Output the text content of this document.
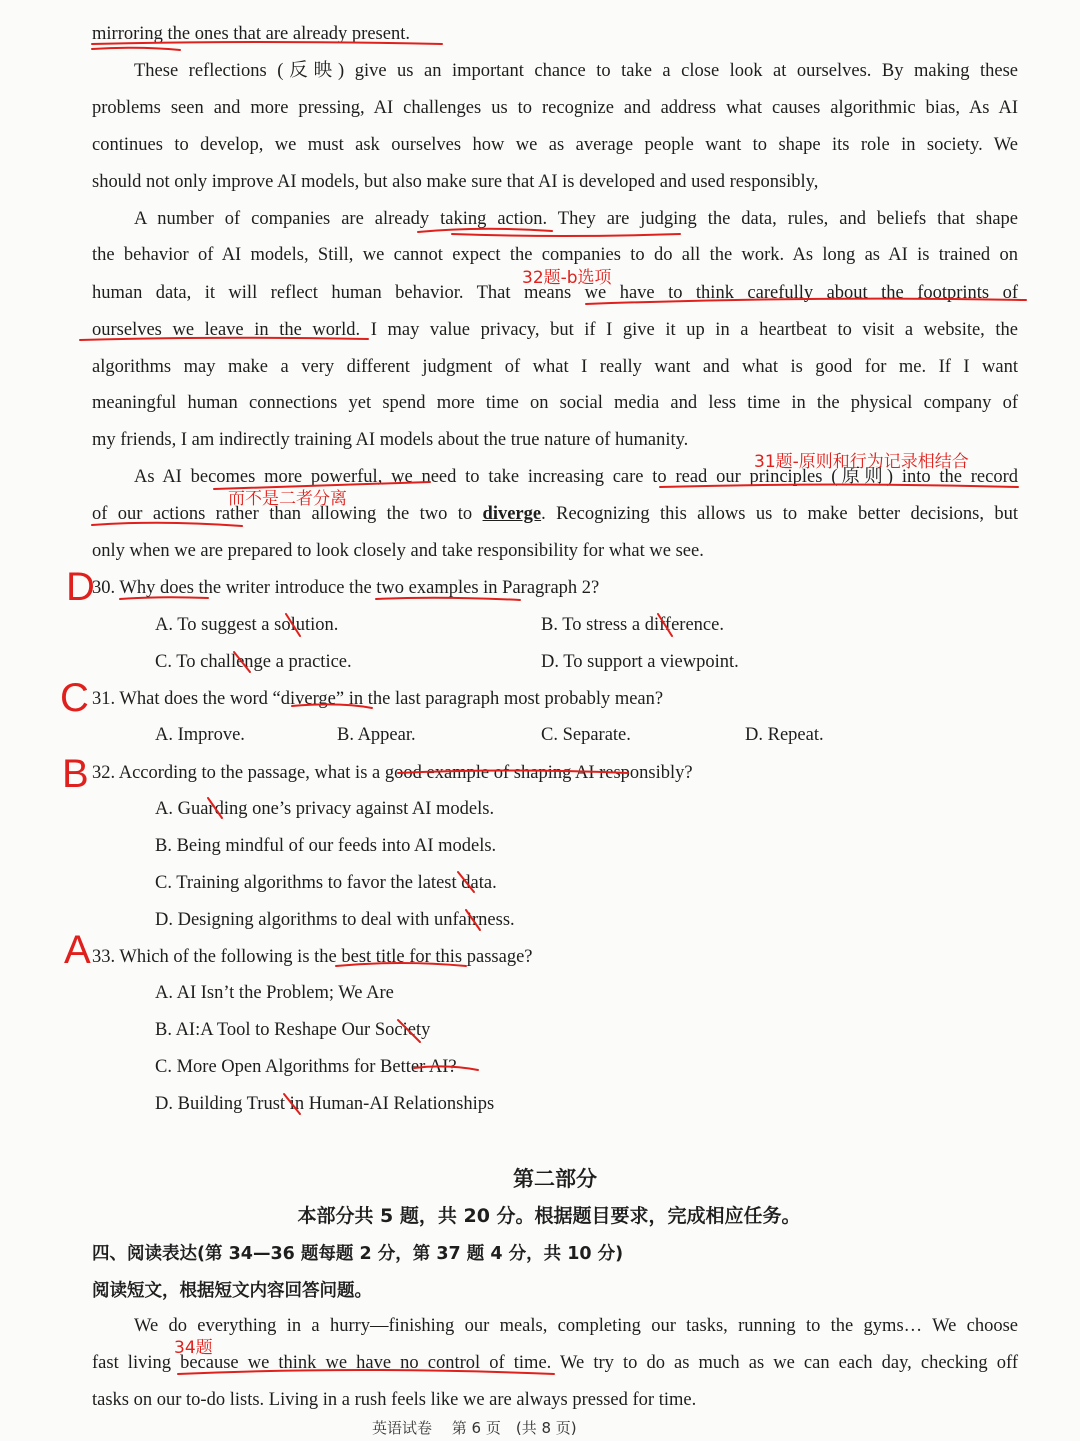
mirroring the ones that are already present.
These reflections (反映) give us an important chance to take a close look at ourselves. By making these
problems seen and more pressing, AI challenges us to recognize and address what causes algorithmic bias, As AI
continues to develop, we must ask ourselves how we as average people want to shape its role in society. We
should not only improve AI models, but also make sure that AI is developed and used responsibly,
A number of companies are already taking action. They are judging the data, rules, and beliefs that shape
the behavior of AI models, Still, we cannot expect the companies to do all the work. As long as AI is trained on
human data, it will reflect human behavior. That means we have to think carefully about the footprints of
ourselves we leave in the world. I may value privacy, but if I give it up in a heartbeat to visit a website, the
algorithms may make a very different judgment of what I really want and what is good for me. If I want
meaningful human connections yet spend more time on social media and less time in the physical company of
my friends, I am indirectly training AI models about the true nature of humanity.
As AI becomes more powerful, we need to take increasing care to read our principles (原则) into the record
of our actions rather than allowing the two to diverge. Recognizing this allows us to make better decisions, but
only when we are prepared to look closely and take responsibility for what we see.
30. Why does the writer introduce the two examples in Paragraph 2?
A. To suggest a solution.	B. To stress a difference.
C. To challenge a practice.	D. To support a viewpoint.
31. What does the word “diverge” in the last paragraph most probably mean?
A. Improve.	B. Appear.	C. Separate.	D. Repeat.
32. According to the passage, what is a good example of shaping AI responsibly?
A. Guarding one’s privacy against AI models.
B. Being mindful of our feeds into AI models.
C. Training algorithms to favor the latest data.
D. Designing algorithms to deal with unfairness.
33. Which of the following is the best title for this passage?
A. AI Isn’t the Problem; We Are
B. AI:A Tool to Reshape Our Society
C. More Open Algorithms for Better AI?
D. Building Trust in Human-AI Relationships
第二部分
本部分共 5 题，共 20 分。根据题目要求，完成相应任务。
四、阅读表达(第 34—36 题每题 2 分，第 37 题 4 分，共 10 分)
阅读短文，根据短文内容回答问题。
We do everything in a hurry—finishing our meals, completing our tasks, running to the gyms… We choose
fast living because we think we have no control of time. We try to do as much as we can each day, checking off
tasks on our to-do lists. Living in a rush feels like we are always pressed for time.
英语试卷　 第 6 页　(共 8 页)
32题-b选项
31题-原则和行为记录相结合
而不是二者分离
34题
D
C
B
A
